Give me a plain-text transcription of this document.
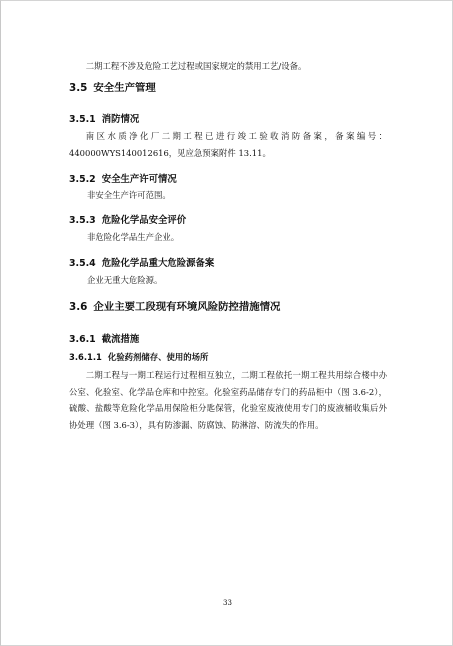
二期工程不涉及危险工艺过程或国家规定的禁用工艺/设备。
3.5 安全生产管理
3.5.1 消防情况
南区水质净化厂二期工程已进行竣工验收消防备案，备案编号：440000WYS140012616，见应急预案附件 13.11。
3.5.2 安全生产许可情况
非安全生产许可范围。
3.5.3 危险化学品安全评价
非危险化学品生产企业。
3.5.4 危险化学品重大危险源备案
企业无重大危险源。
3.6 企业主要工段现有环境风险防控措施情况
3.6.1 截流措施
3.6.1.1 化验药剂储存、使用的场所
二期工程与一期工程运行过程相互独立，二期工程依托一期工程共用综合楼中办公室、化验室、化学品仓库和中控室。化验室药品储存专门的药品柜中（图 3.6-2），硫酸、盐酸等危险化学品用保险柜分匙保管，化验室废液使用专门的废液桶收集后外协处理（图 3.6-3），具有防渗漏、防腐蚀、防淋溶、防流失的作用。
33
